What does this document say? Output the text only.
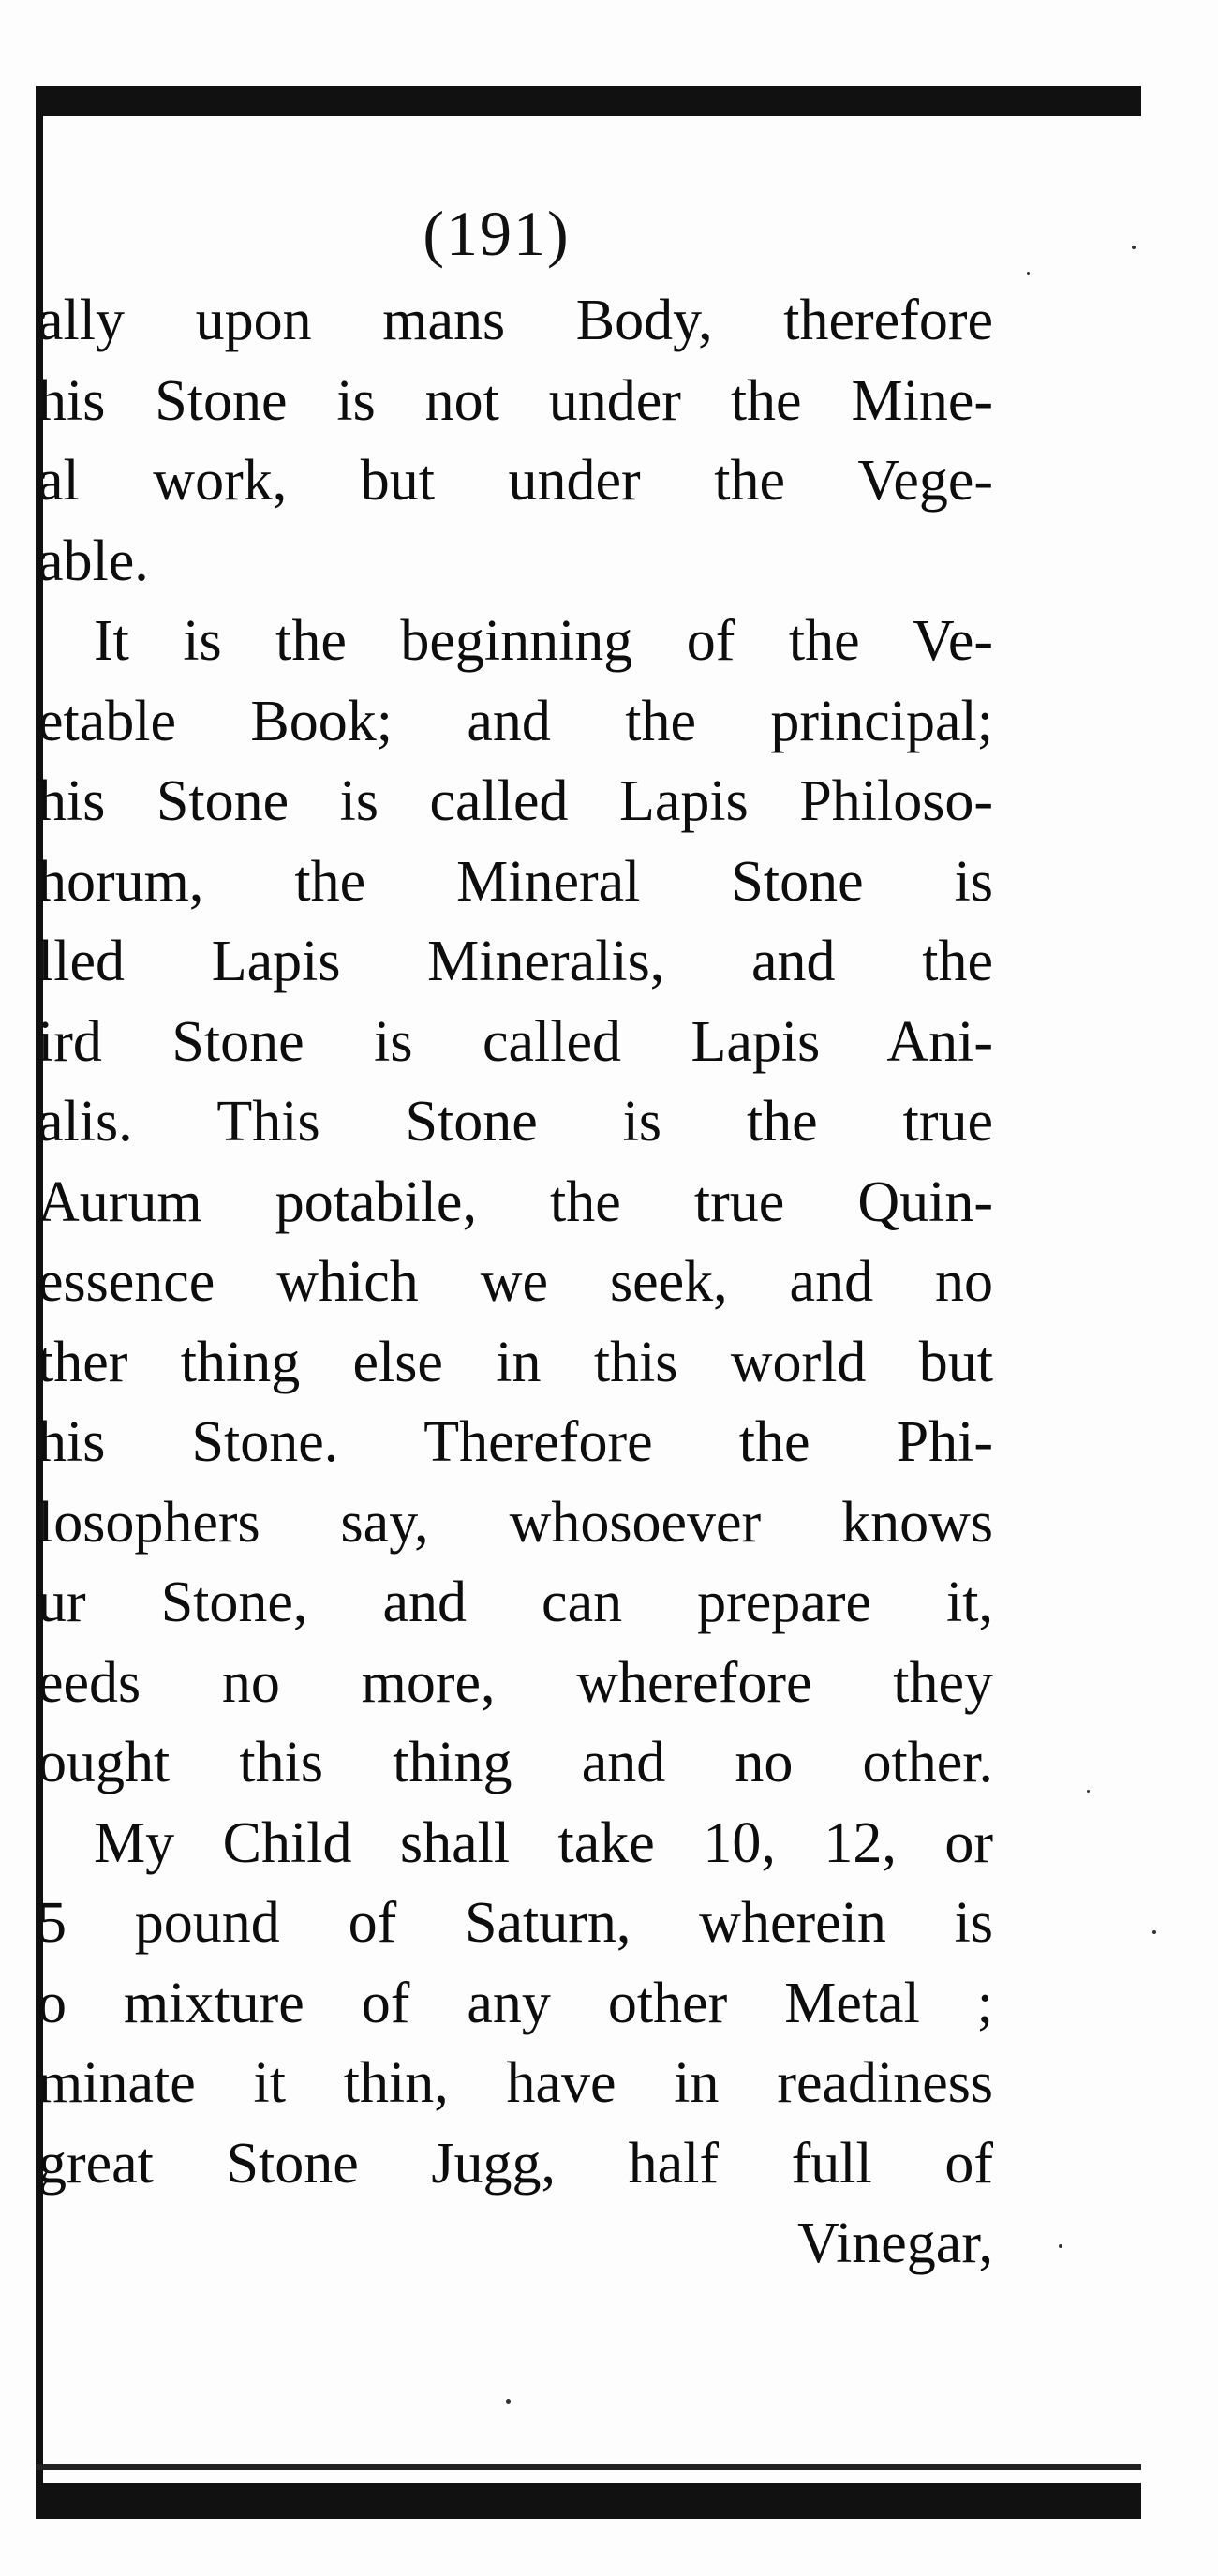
(191)
ally upon mans Body, therefore
his Stone is not under the Mine-
al work, but under the Vege-
able.
It is the beginning of the Ve-
etable Book; and the principal;
his Stone is called Lapis Philoso-
horum, the Mineral Stone is
lled Lapis Mineralis, and the
ird Stone is called Lapis Ani-
alis. This Stone is the true
Aurum potabile, the true Quin-
essence which we seek, and no
ther thing else in this world but
his Stone. Therefore the Phi-
losophers say, whosoever knows
ur Stone, and can prepare it,
eeds no more, wherefore they
ought this thing and no other.
My Child shall take 10, 12, or
5 pound of Saturn, wherein is
o mixture of any other Metal ;
minate it thin, have in readiness
great Stone Jugg, half full of
Vinegar,
